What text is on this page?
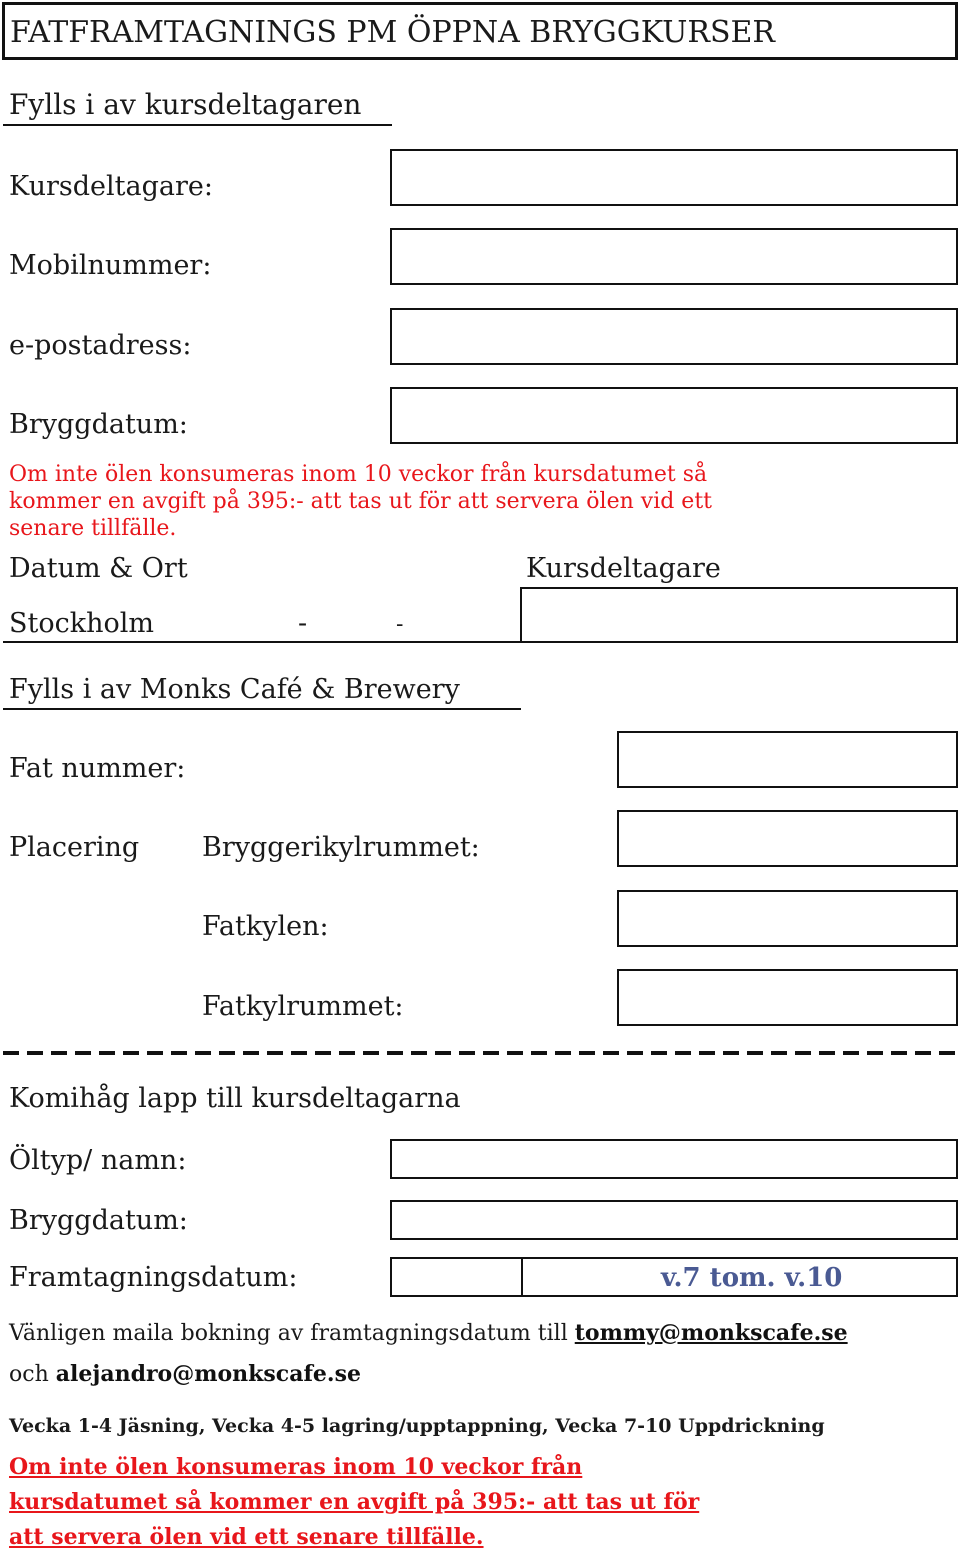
FATFRAMTAGNINGS PM ÖPPNA BRYGGKURSER
Fylls i av kursdeltagaren
Kursdeltagare:
Mobilnummer:
e-postadress:
Bryggdatum:
Om inte ölen konsumeras inom 10 veckor från kursdatumet så kommer en avgift på 395:- att tas ut för att servera ölen vid ett senare tillfälle.
Datum & Ort	Kursdeltagare
Stockholm	-	-
Fylls i av Monks Café & Brewery
Fat nummer:
Placering Bryggerikylrummet:
Fatkylen:
Fatkylrummet:
Komihåg lapp till kursdeltagarna
Öltyp/ namn:
Bryggdatum:
Framtagningsdatum:	v.7 tom. v.10
Vänligen maila bokning av framtagningsdatum till tommy@monkscafe.se
och alejandro@monkscafe.se
Vecka 1-4 Jäsning, Vecka 4-5 lagring/upptappning, Vecka 7-10 Uppdrickning
Om inte ölen konsumeras inom 10 veckor från kursdatumet så kommer en avgift på 395:- att tas ut för att servera ölen vid ett senare tillfälle.
